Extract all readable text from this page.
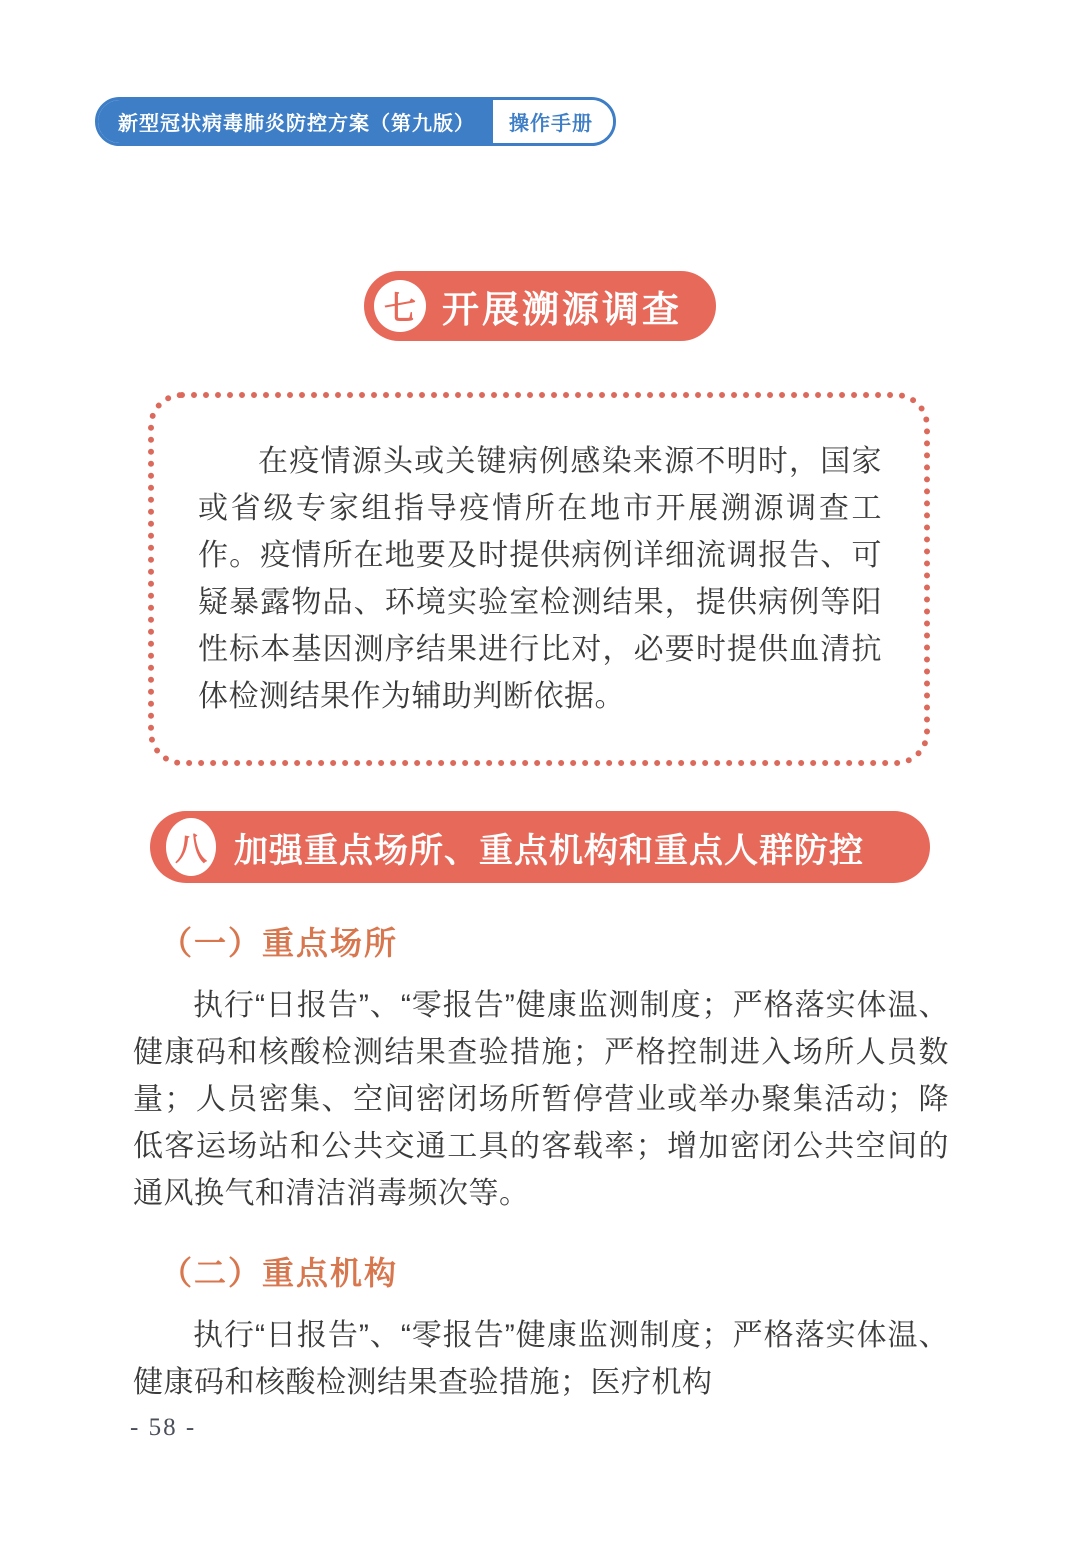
新型冠状病毒肺炎防控方案（第九版）	操作手册
七 开展溯源调查

在疫情源头或关键病例感染来源不明时，国家或省级专家组指导疫情所在地市开展溯源调查工作。疫情所在地要及时提供病例详细流调报告、可疑暴露物品、环境实验室检测结果，提供病例等阳性标本基因测序结果进行比对，必要时提供血清抗体检测结果作为辅助判断依据。

八 加强重点场所、重点机构和重点人群防控
（一）重点场所

执行“日报告”、“零报告”健康监测制度；严格落实体温、健康码和核酸检测结果查验措施；严格控制进入场所人员数量；人员密集、空间密闭场所暂停营业或举办聚集活动；降低客运场站和公共交通工具的客载率；增加密闭公共空间的通风换气和清洁消毒频次等。

（二）重点机构

执行“日报告”、“零报告”健康监测制度；严格落实体温、健康码和核酸检测结果查验措施；医疗机构

- 58 -
